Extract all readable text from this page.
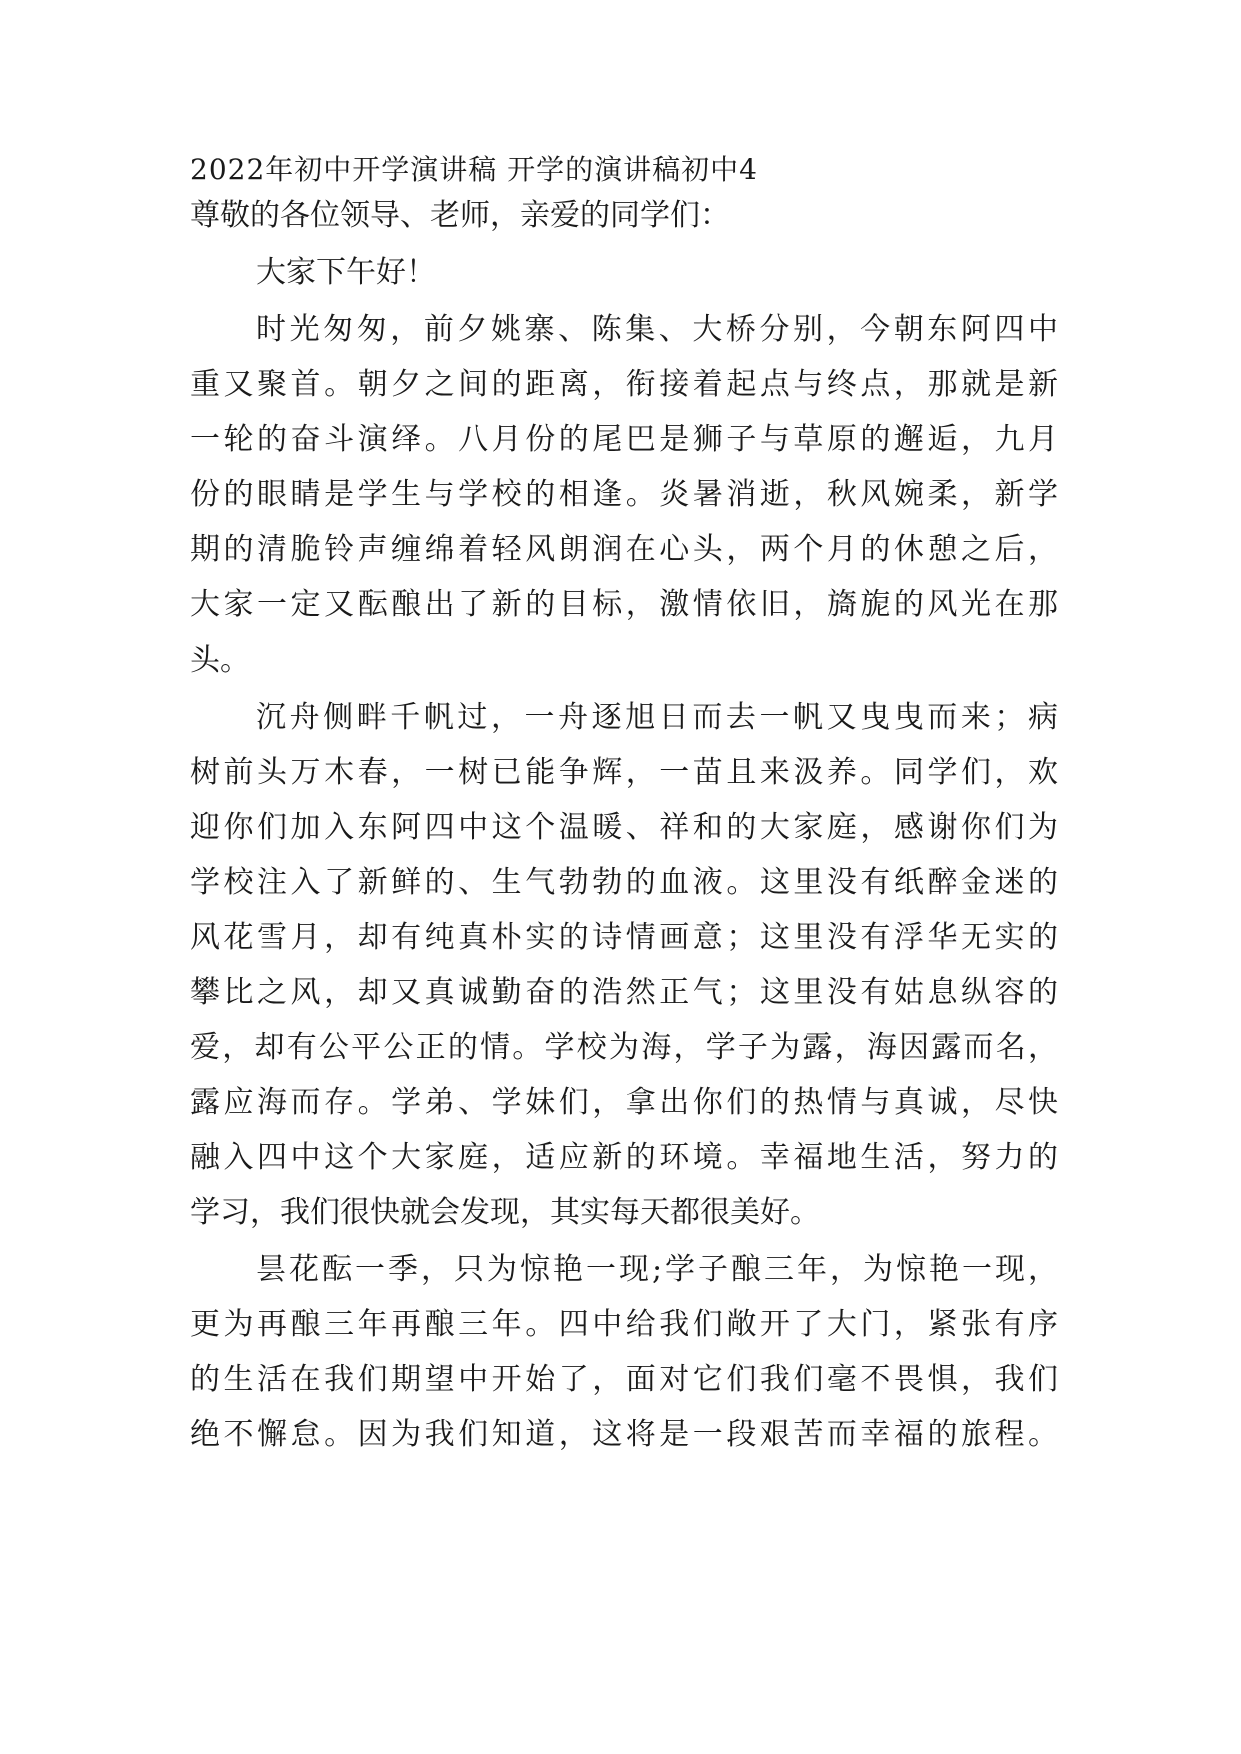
2022年初中开学演讲稿 开学的演讲稿初中4
尊敬的各位领导、老师，亲爱的同学们：
大家下午好！
时光匆匆，前夕姚寨、陈集、大桥分别，今朝东阿四中
重又聚首。朝夕之间的距离，衔接着起点与终点，那就是新
一轮的奋斗演绎。八月份的尾巴是狮子与草原的邂逅，九月
份的眼睛是学生与学校的相逢。炎暑消逝，秋风婉柔，新学
期的清脆铃声缠绵着轻风朗润在心头，两个月的休憩之后，
大家一定又酝酿出了新的目标，激情依旧，旖旎的风光在那
头。
沉舟侧畔千帆过，一舟逐旭日而去一帆又曳曳而来；病
树前头万木春，一树已能争辉，一苗且来汲养。同学们，欢
迎你们加入东阿四中这个温暖、祥和的大家庭，感谢你们为
学校注入了新鲜的、生气勃勃的血液。这里没有纸醉金迷的
风花雪月，却有纯真朴实的诗情画意；这里没有浮华无实的
攀比之风，却又真诚勤奋的浩然正气；这里没有姑息纵容的
爱，却有公平公正的情。学校为海，学子为露，海因露而名，
露应海而存。学弟、学妹们，拿出你们的热情与真诚，尽快
融入四中这个大家庭，适应新的环境。幸福地生活，努力的
学习，我们很快就会发现，其实每天都很美好。
昙花酝一季，只为惊艳一现;学子酿三年，为惊艳一现，
更为再酿三年再酿三年。四中给我们敞开了大门，紧张有序
的生活在我们期望中开始了，面对它们我们毫不畏惧，我们
绝不懈怠。因为我们知道，这将是一段艰苦而幸福的旅程。
